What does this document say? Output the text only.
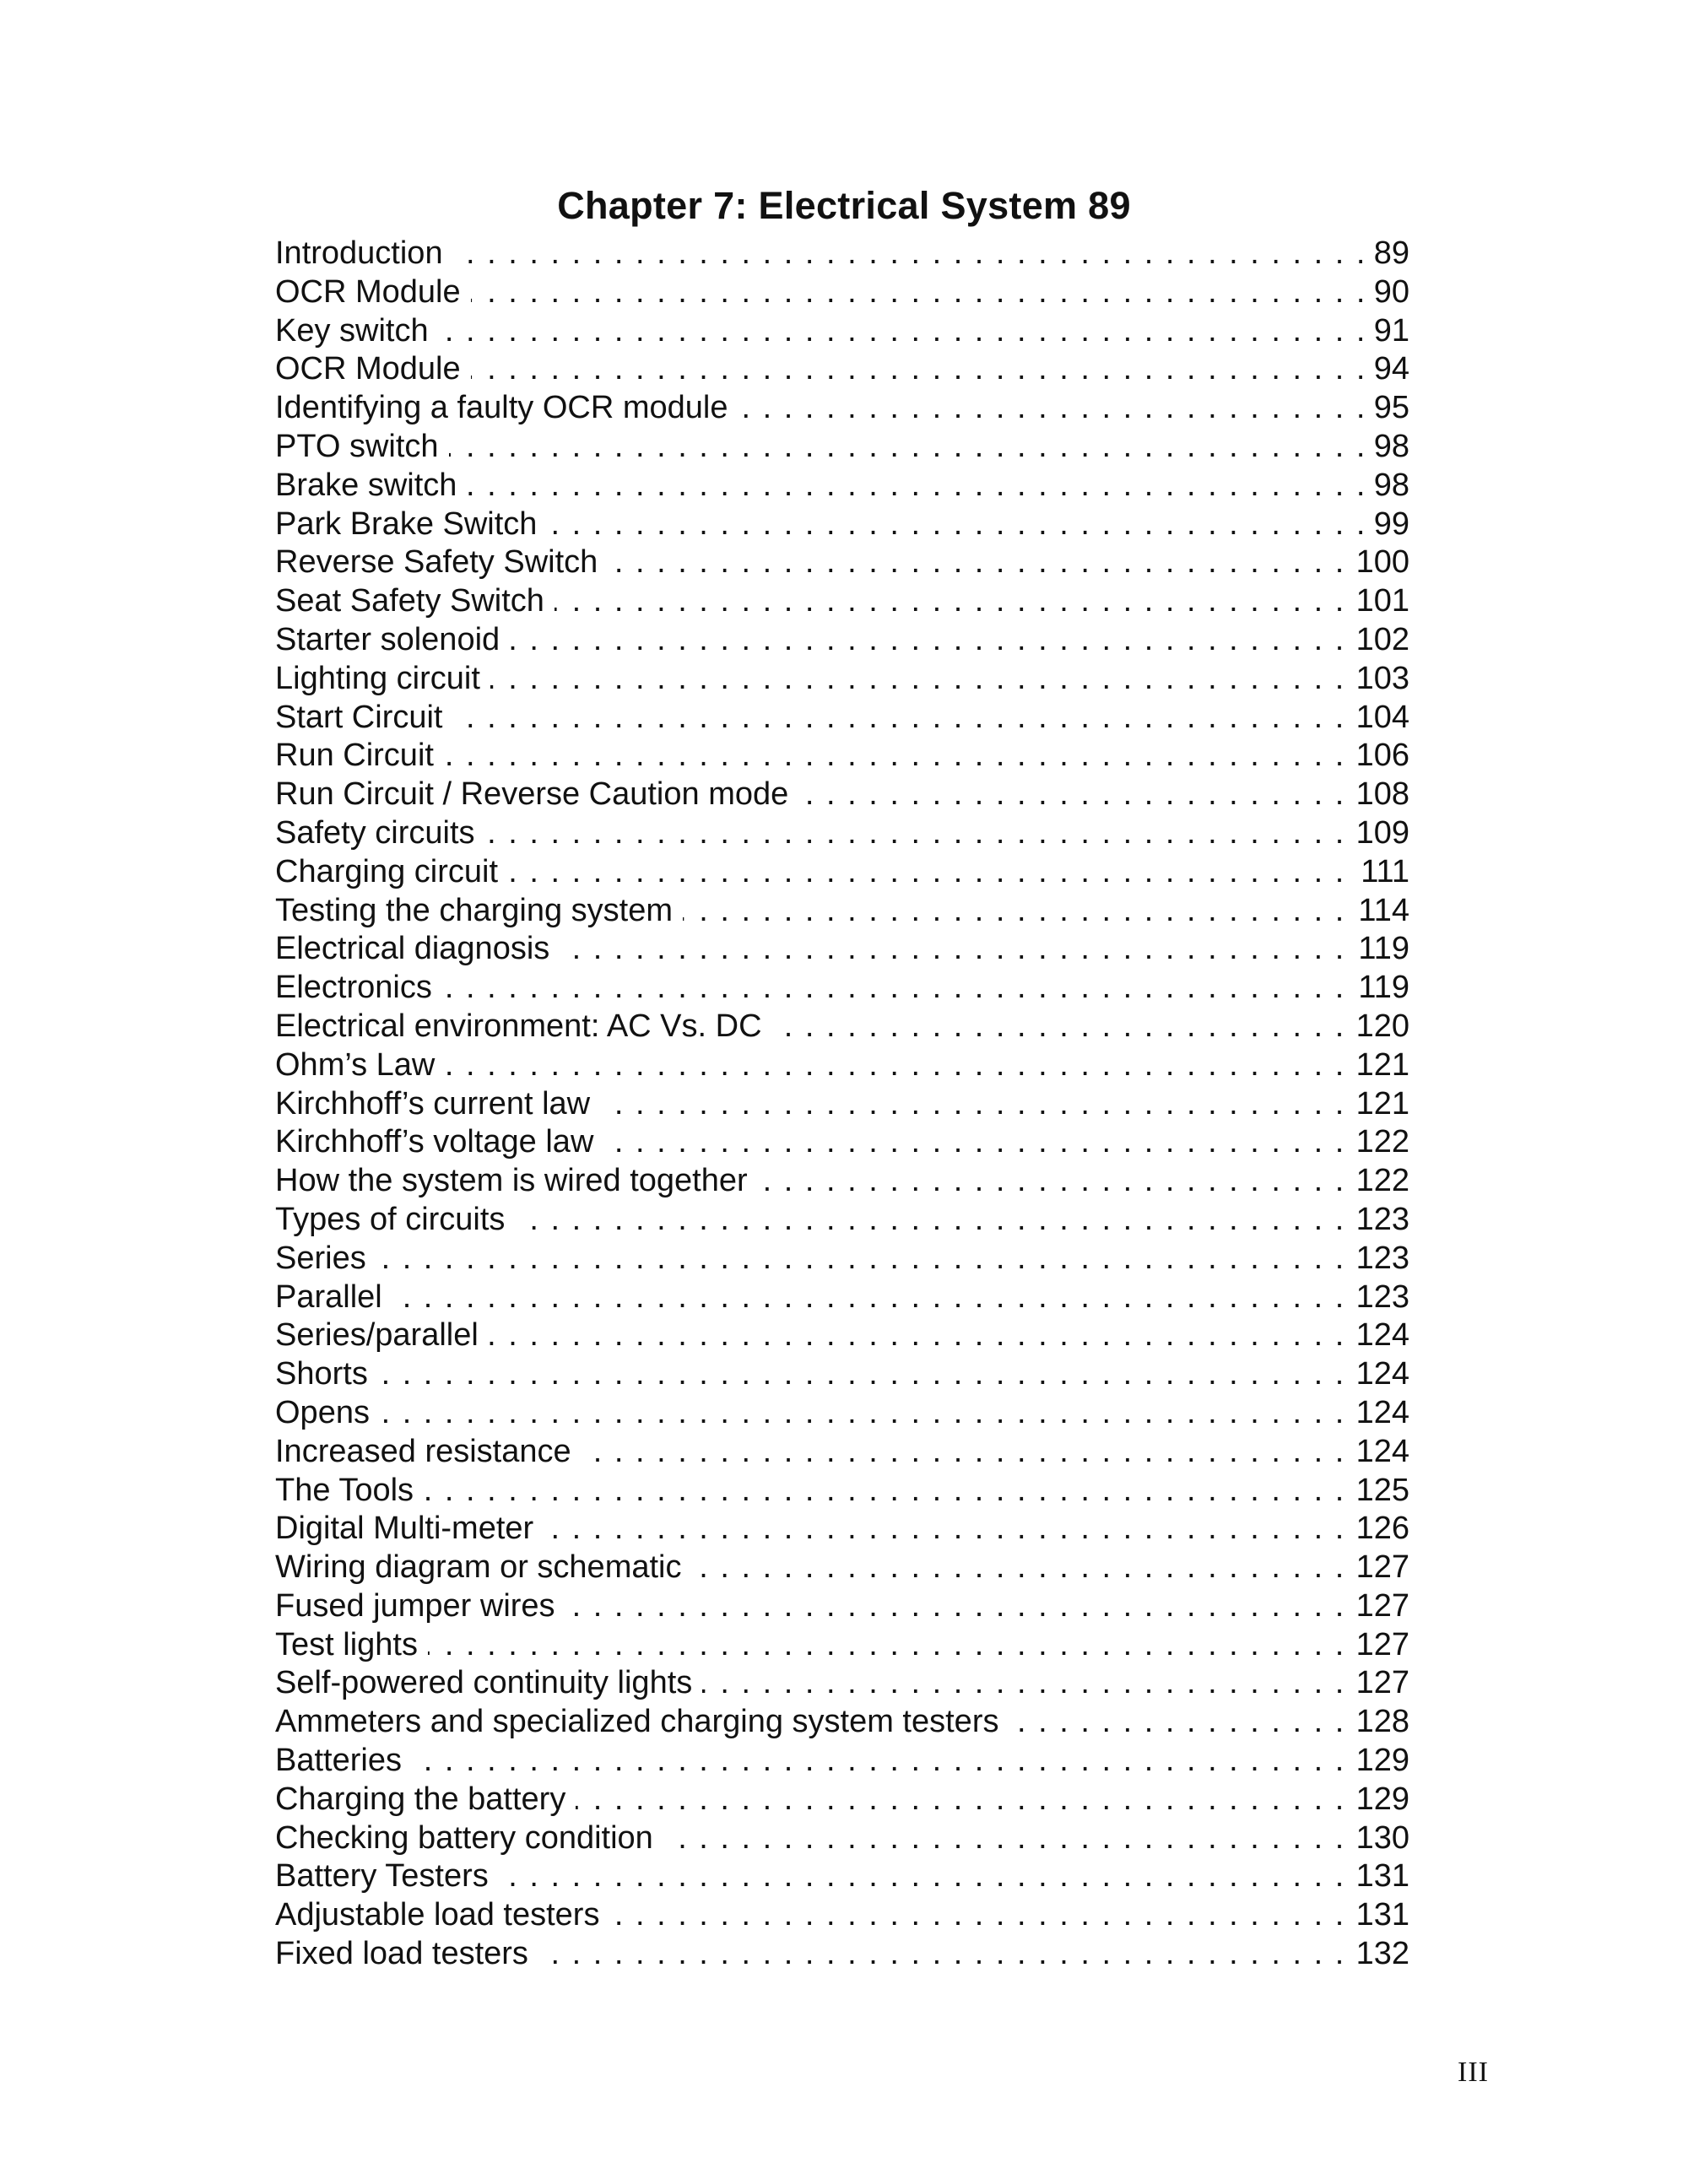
Chapter 7: Electrical System 89
. . . Introduction	89
. . . OCR Module	90
. . . Key switch	91
. . . OCR Module	94
. . . Identifying a faulty OCR module	95
. . . PTO switch	98
. . . Brake switch	98
. . . Park Brake Switch	99
. . . Reverse Safety Switch	100
. . . Seat Safety Switch	101
. . . Starter solenoid	102
. . . Lighting circuit	103
. . . Start Circuit	104
. . . Run Circuit	106
. . . Run Circuit / Reverse Caution mode	108
. . . Safety circuits	109
. . . Charging circuit	111
. . . Testing the charging system	114
. . . Electrical diagnosis	119
. . . Electronics	119
. . . Electrical environment: AC Vs. DC	120
. . . Ohm’s Law	121
. . . Kirchhoff’s current law	121
. . . Kirchhoff’s voltage law	122
. . . How the system is wired together	122
. . . Types of circuits	123
. . . Series	123
. . . Parallel	123
. . . Series/parallel	124
. . . Shorts	124
. . . Opens	124
. . . Increased resistance	124
. . . The Tools	125
. . . Digital Multi-meter	126
. . . Wiring diagram or schematic	127
. . . Fused jumper wires	127
. . . Test lights	127
. . . Self-powered continuity lights	127
. . . Ammeters and specialized charging system testers	128
. . . Batteries	129
. . . Charging the battery	129
. . . Checking battery condition	130
. . . Battery Testers	131
. . . Adjustable load testers	131
. . . Fixed load testers	132
III
